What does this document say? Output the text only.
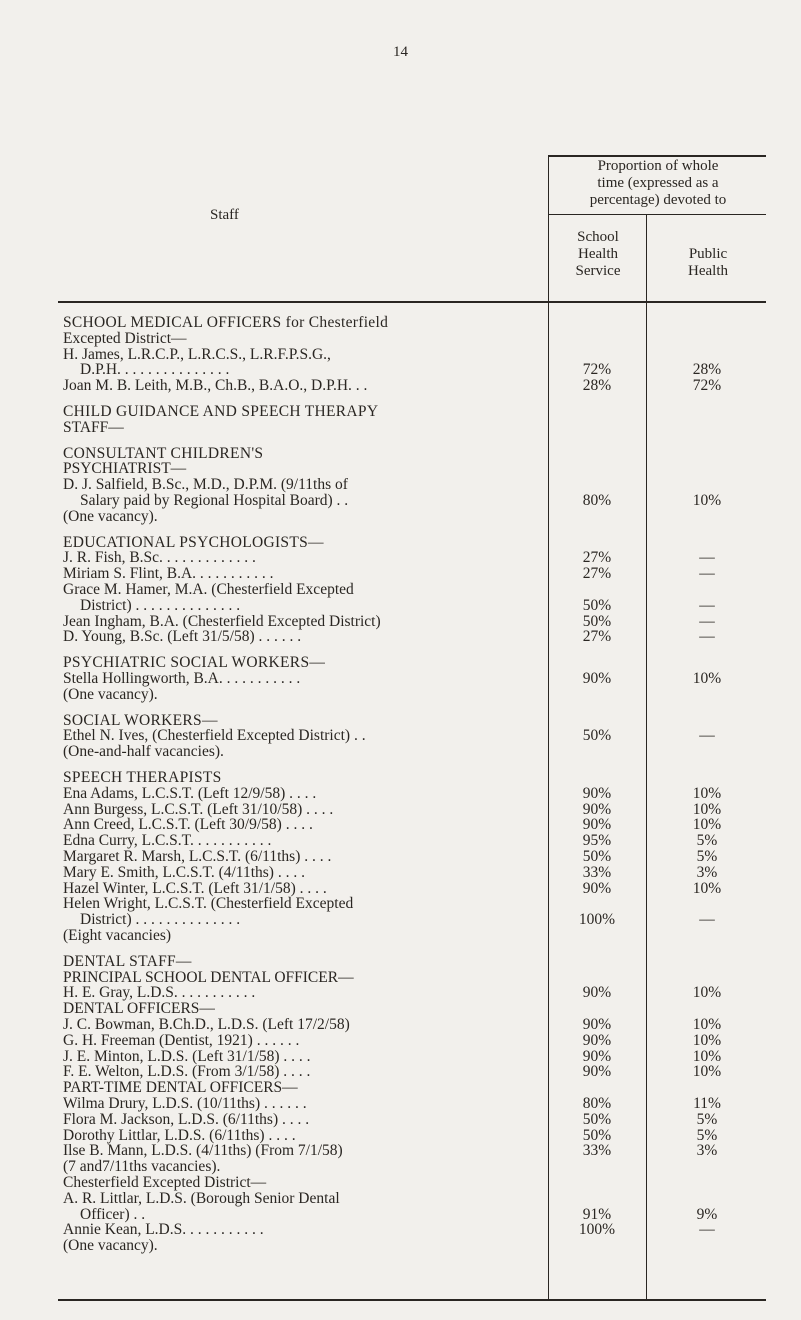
14
Staff
Proportion of whole
time (expressed as a
percentage) devoted to
School
Health
Service
Public
Health
SCHOOL MEDICAL OFFICERS for Chesterfield
Excepted District—
H. James, L.R.C.P., L.R.C.S., L.R.F.P.S.G.,
D.P.H. . . . . . . . . . . . . . .	72%	28%
Joan M. B. Leith, M.B., Ch.B., B.A.O., D.P.H. . .	28%	72%
CHILD GUIDANCE AND SPEECH THERAPY
STAFF—
CONSULTANT CHILDREN'S
PSYCHIATRIST—
D. J. Salfield, B.Sc., M.D., D.P.M. (9/11ths of
Salary paid by Regional Hospital Board) . .	80%	10%
(One vacancy).
EDUCATIONAL PSYCHOLOGISTS—
J. R. Fish, B.Sc. . . . . . . . . . . . .	27%	—
Miriam S. Flint, B.A. . . . . . . . . . .	27%	—
Grace M. Hamer, M.A. (Chesterfield Excepted
District) . . . . . . . . . . . . . .	50%	—
Jean Ingham, B.A. (Chesterfield Excepted District)	50%	—
D. Young, B.Sc. (Left 31/5/58) . . . . . .	27%	—
PSYCHIATRIC SOCIAL WORKERS—
Stella Hollingworth, B.A. . . . . . . . . . .	90%	10%
(One vacancy).
SOCIAL WORKERS—
Ethel N. Ives, (Chesterfield Excepted District) . .	50%	—
(One-and-half vacancies).
SPEECH THERAPISTS
Ena Adams, L.C.S.T. (Left 12/9/58) . . . .	90%	10%
Ann Burgess, L.C.S.T. (Left 31/10/58) . . . .	90%	10%
Ann Creed, L.C.S.T. (Left 30/9/58) . . . .	90%	10%
Edna Curry, L.C.S.T. . . . . . . . . . .	95%	5%
Margaret R. Marsh, L.C.S.T. (6/11ths) . . . .	50%	5%
Mary E. Smith, L.C.S.T. (4/11ths) . . . .	33%	3%
Hazel Winter, L.C.S.T. (Left 31/1/58) . . . .	90%	10%
Helen Wright, L.C.S.T. (Chesterfield Excepted
District) . . . . . . . . . . . . . .	100%	—
(Eight vacancies)
DENTAL STAFF—
PRINCIPAL SCHOOL DENTAL OFFICER—
H. E. Gray, L.D.S. . . . . . . . . . .	90%	10%
DENTAL OFFICERS—
J. C. Bowman, B.Ch.D., L.D.S. (Left 17/2/58)	90%	10%
G. H. Freeman (Dentist, 1921) . . . . . .	90%	10%
J. E. Minton, L.D.S. (Left 31/1/58) . . . .	90%	10%
F. E. Welton, L.D.S. (From 3/1/58) . . . .	90%	10%
PART-TIME DENTAL OFFICERS—
Wilma Drury, L.D.S. (10/11ths) . . . . . .	80%	11%
Flora M. Jackson, L.D.S. (6/11ths) . . . .	50%	5%
Dorothy Littlar, L.D.S. (6/11ths) . . . .	50%	5%
Ilse B. Mann, L.D.S. (4/11ths) (From 7/1/58)	33%	3%
(7 and7/11ths vacancies).
Chesterfield Excepted District—
A. R. Littlar, L.D.S. (Borough Senior Dental
Officer) . .	91%	9%
Annie Kean, L.D.S. . . . . . . . . . .	100%	—
(One vacancy).
